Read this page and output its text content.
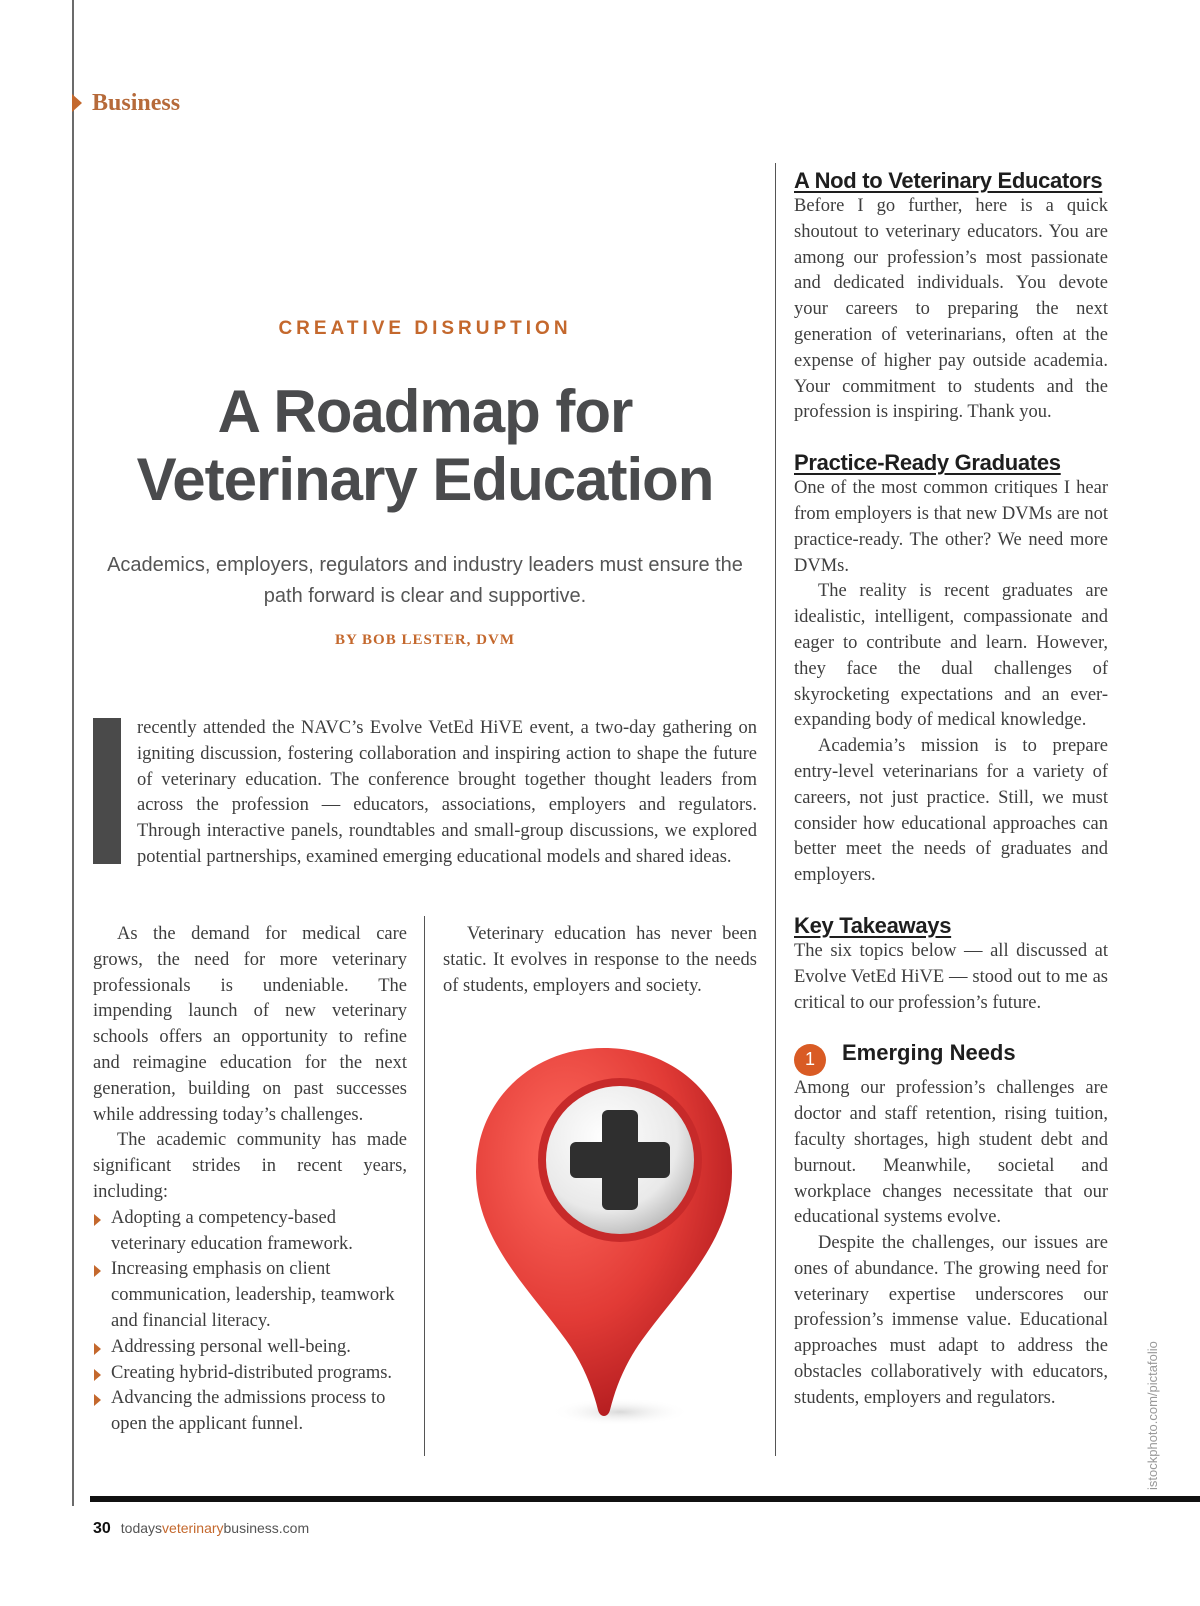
Business
CREATIVE DISRUPTION
A Roadmap for
Veterinary Education
Academics, employers, regulators and industry leaders must ensure the path forward is clear and supportive.
BY BOB LESTER, DVM

recently attended the NAVC’s Evolve VetEd HiVE event, a two-day gathering on igniting discussion, fostering collaboration and inspiring action to shape the future of veterinary education. The conference brought together thought leaders from across the profession — educators, associations, employers and regulators. Through interactive panels, roundtables and small-group discussions, we explored potential partnerships, examined emerging educational models and shared ideas.

As the demand for medical care grows, the need for more veterinary professionals is undeniable. The impending launch of new veterinary schools offers an opportunity to refine and reimagine education for the next generation, building on past successes while addressing today’s challenges.

The academic community has made significant strides in recent years, including:

Adopting a competency-based veterinary education framework.
Increasing emphasis on client communication, leadership, teamwork and financial literacy.
Addressing personal well-being.
Creating hybrid-distributed programs.
Advancing the admissions process to open the applicant funnel.

Veterinary education has never been static. It evolves in response to the needs of students, employers and society.

A Nod to Veterinary Educators

Before I go further, here is a quick shoutout to veterinary educators. You are among our profession’s most passionate and dedicated individuals. You devote your careers to preparing the next generation of veterinarians, often at the expense of higher pay outside academia. Your commitment to students and the profession is inspiring. Thank you.

Practice-Ready Graduates

One of the most common critiques I hear from employers is that new DVMs are not practice-ready. The other? We need more DVMs.

The reality is recent graduates are idealistic, intelligent, compassionate and eager to contribute and learn. However, they face the dual challenges of skyrocketing expectations and an ever-expanding body of medical knowledge.

Academia’s mission is to prepare entry-level veterinarians for a variety of careers, not just practice. Still, we must consider how educational approaches can better meet the needs of graduates and employers.

Key Takeaways

The six topics below — all discussed at Evolve VetEd HiVE — stood out to me as critical to our profession’s future.

1	Emerging Needs

Among our profession’s challenges are doctor and staff retention, rising tuition, faculty shortages, high student debt and burnout. Meanwhile, societal and workplace changes necessitate that our educational systems evolve.

Despite the challenges, our issues are ones of abundance. The growing need for veterinary expertise underscores our profession’s immense value. Educational approaches must adapt to address the obstacles collaboratively with educators, students, employers and regulators.	istockphoto.com/pictafolio
30 todaysveterinarybusiness.com
